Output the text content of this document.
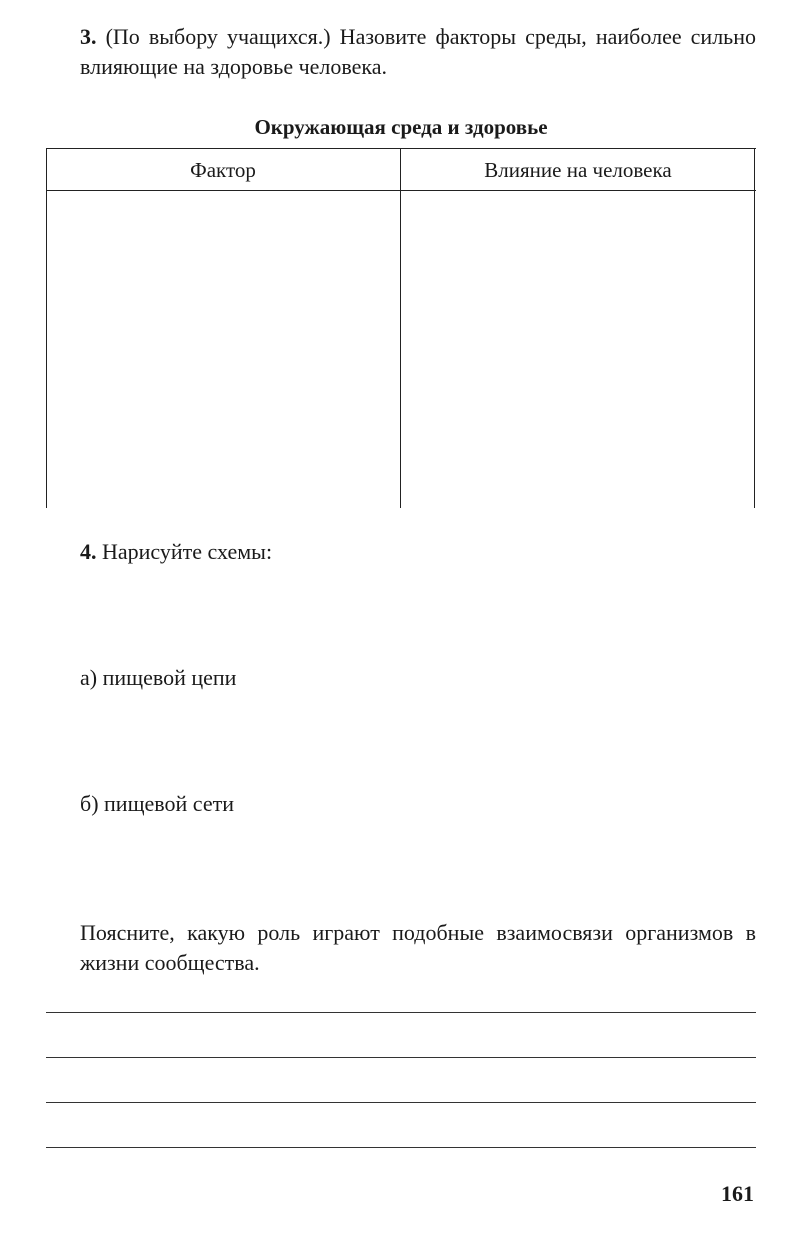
3. (По выбору учащихся.) Назовите факторы среды, наиболее сильно влияющие на здоровье человека.

Окружающая среда и здоровье

Фактор	Влияние на человека

4. Нарисуйте схемы:

а) пищевой цепи

б) пищевой сети

Поясните, какую роль играют подобные взаимосвязи организмов в жизни сообщества.

161
